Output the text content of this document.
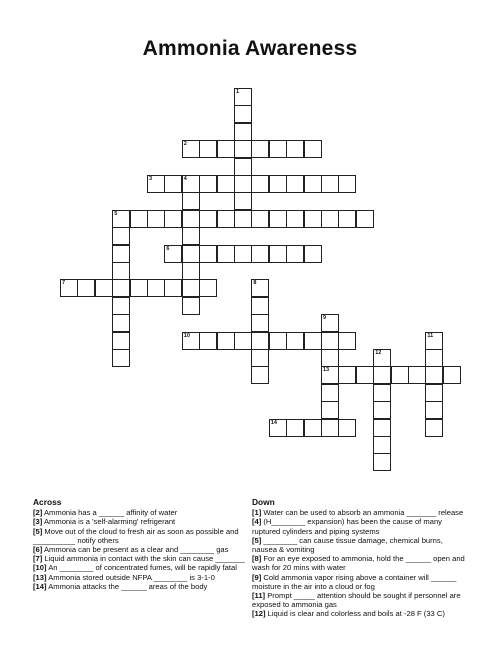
Ammonia Awareness
1
2
3	4
5
6
7	8
9
10	11
12
13
14
Across
[2] Ammonia has a ______ affinity of water
[3] Ammonia is a 'self-alarming' refrigerant
[5] Move out of the cloud to fresh air as soon as possible and __________ notify others
[6] Ammonia can be present as a clear and ________ gas
[7] Liquid ammonia in contact with the skin can cause _______
[10] An ________ of concentrated fumes, will be rapidly fatal
[13] Ammonia stored outside NFPA ________ is 3-1-0
[14] Ammonia attacks the ______ areas of the body
Down
[1] Water can be used to absorb an ammonia _______ release
[4] (H________ expansion) has been the cause of many ruptured cylinders and piping systems
[5] ________ can cause tissue damage, chemical burns, nausea & vomiting
[8] For an eye exposed to ammonia, hold the ______ open and wash for 20 mins with water
[9] Cold ammonia vapor rising above a container will ______ moisture in the air into a cloud or fog
[11] Prompt _____ attention should be sought if personnel are exposed to ammonia gas
[12] Liquid is clear and colorless and boils at -28 F (33 C)
